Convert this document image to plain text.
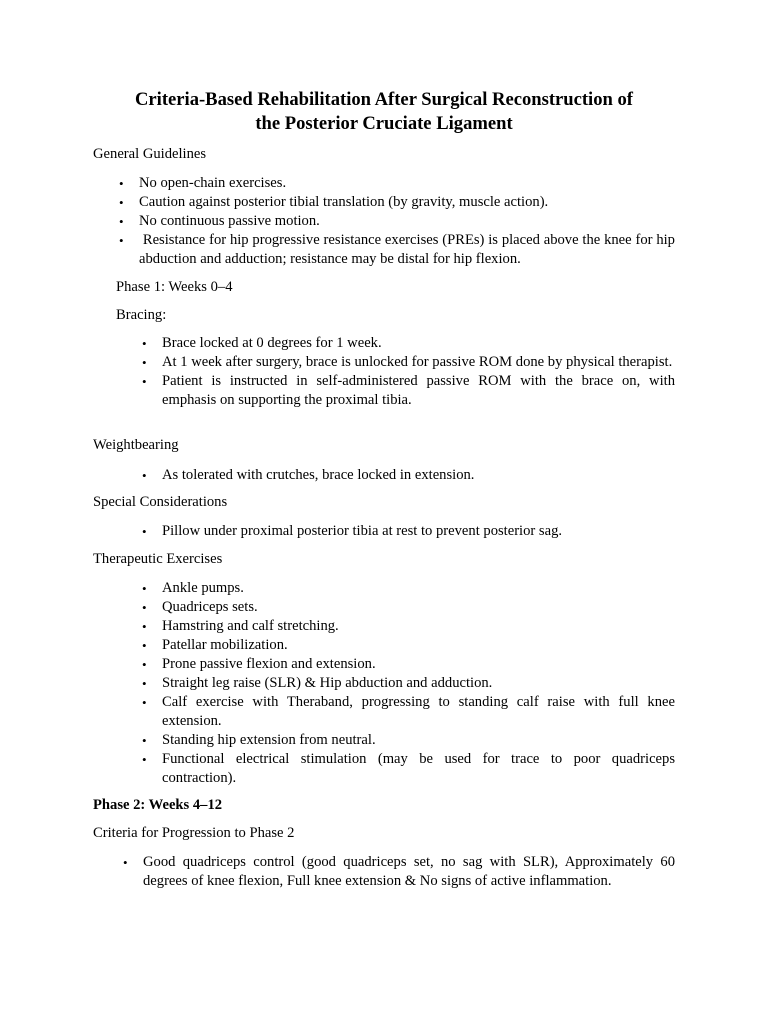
Criteria-Based Rehabilitation After Surgical Reconstruction of
the Posterior Cruciate Ligament
General Guidelines
• No open-chain exercises.
• Caution against posterior tibial translation (by gravity, muscle action).
• No continuous passive motion.
• Resistance for hip progressive resistance exercises (PREs) is placed above the knee for hip abduction and adduction; resistance may be distal for hip flexion.
Phase 1: Weeks 0–4
Bracing:
• Brace locked at 0 degrees for 1 week.
• At 1 week after surgery, brace is unlocked for passive ROM done by physical therapist.
• Patient is instructed in self-administered passive ROM with the brace on, with emphasis on supporting the proximal tibia.
Weightbearing
• As tolerated with crutches, brace locked in extension.
Special Considerations
• Pillow under proximal posterior tibia at rest to prevent posterior sag.
Therapeutic Exercises
• Ankle pumps.
• Quadriceps sets.
• Hamstring and calf stretching.
• Patellar mobilization.
• Prone passive flexion and extension.
• Straight leg raise (SLR) & Hip abduction and adduction.
• Calf exercise with Theraband, progressing to standing calf raise with full knee extension.
• Standing hip extension from neutral.
• Functional electrical stimulation (may be used for trace to poor quadriceps contraction).
Phase 2: Weeks 4–12
Criteria for Progression to Phase 2
• Good quadriceps control (good quadriceps set, no sag with SLR), Approximately 60 degrees of knee flexion, Full knee extension & No signs of active inflammation.
